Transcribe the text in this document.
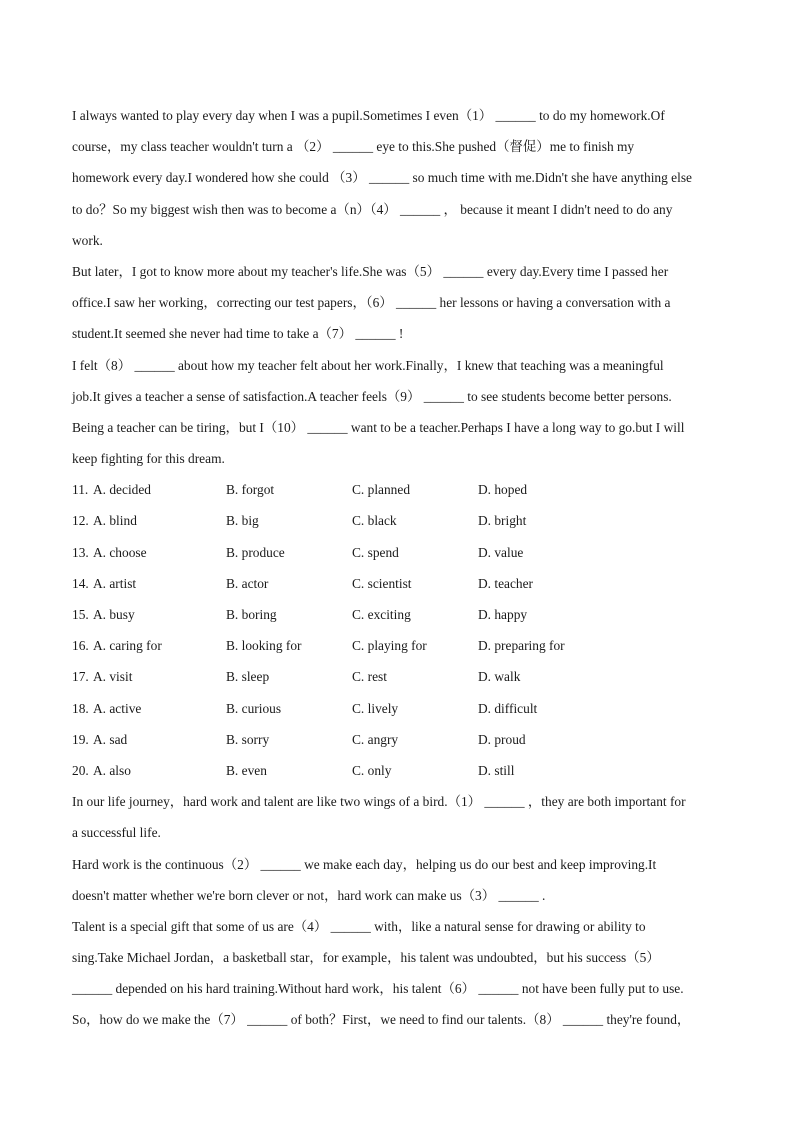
I always wanted to play every day when I was a pupil.Sometimes I even（1） ______ to do my homework.Of
course，my class teacher wouldn't turn a （2） ______ eye to this.She pushed（督促）me to finish my
homework every day.I wondered how she could （3） ______ so much time with me.Didn't she have anything else
to do？So my biggest wish then was to become a（n）（4） ______ ， because it meant I didn't need to do any
work.
But later，I got to know more about my teacher's life.She was（5） ______ every day.Every time I passed her
office.I saw her working，correcting our test papers，（6） ______ her lessons or having a conversation with a
student.It seemed she never had time to take a（7） ______ !
I felt（8） ______ about how my teacher felt about her work.Finally，I knew that teaching was a meaningful
job.It gives a teacher a sense of satisfaction.A teacher feels（9） ______ to see students become better persons.
Being a teacher can be tiring，but I（10） ______ want to be a teacher.Perhaps I have a long way to go.but I will
keep fighting for this dream.
11. A. decided	B. forgot	C. planned	D. hoped
12. A. blind	B. big	C. black	D. bright
13. A. choose	B. produce	C. spend	D. value
14. A. artist	B. actor	C. scientist	D. teacher
15. A. busy	B. boring	C. exciting	D. happy
16. A. caring for	B. looking for	C. playing for	D. preparing for
17. A. visit	B. sleep	C. rest	D. walk
18. A. active	B. curious	C. lively	D. difficult
19. A. sad	B. sorry	C. angry	D. proud
20. A. also	B. even	C. only	D. still
In our life journey，hard work and talent are like two wings of a bird.（1） ______ ，they are both important for
a successful life.
Hard work is the continuous（2） ______ we make each day，helping us do our best and keep improving.It
doesn't matter whether we're born clever or not，hard work can make us（3） ______ .
Talent is a special gift that some of us are（4） ______ with，like a natural sense for drawing or ability to
sing.Take Michael Jordan，a basketball star，for example，his talent was undoubted，but his success（5）
______ depended on his hard training.Without hard work，his talent（6） ______ not have been fully put to use.
So，how do we make the（7） ______ of both？First，we need to find our talents.（8） ______ they're found，
